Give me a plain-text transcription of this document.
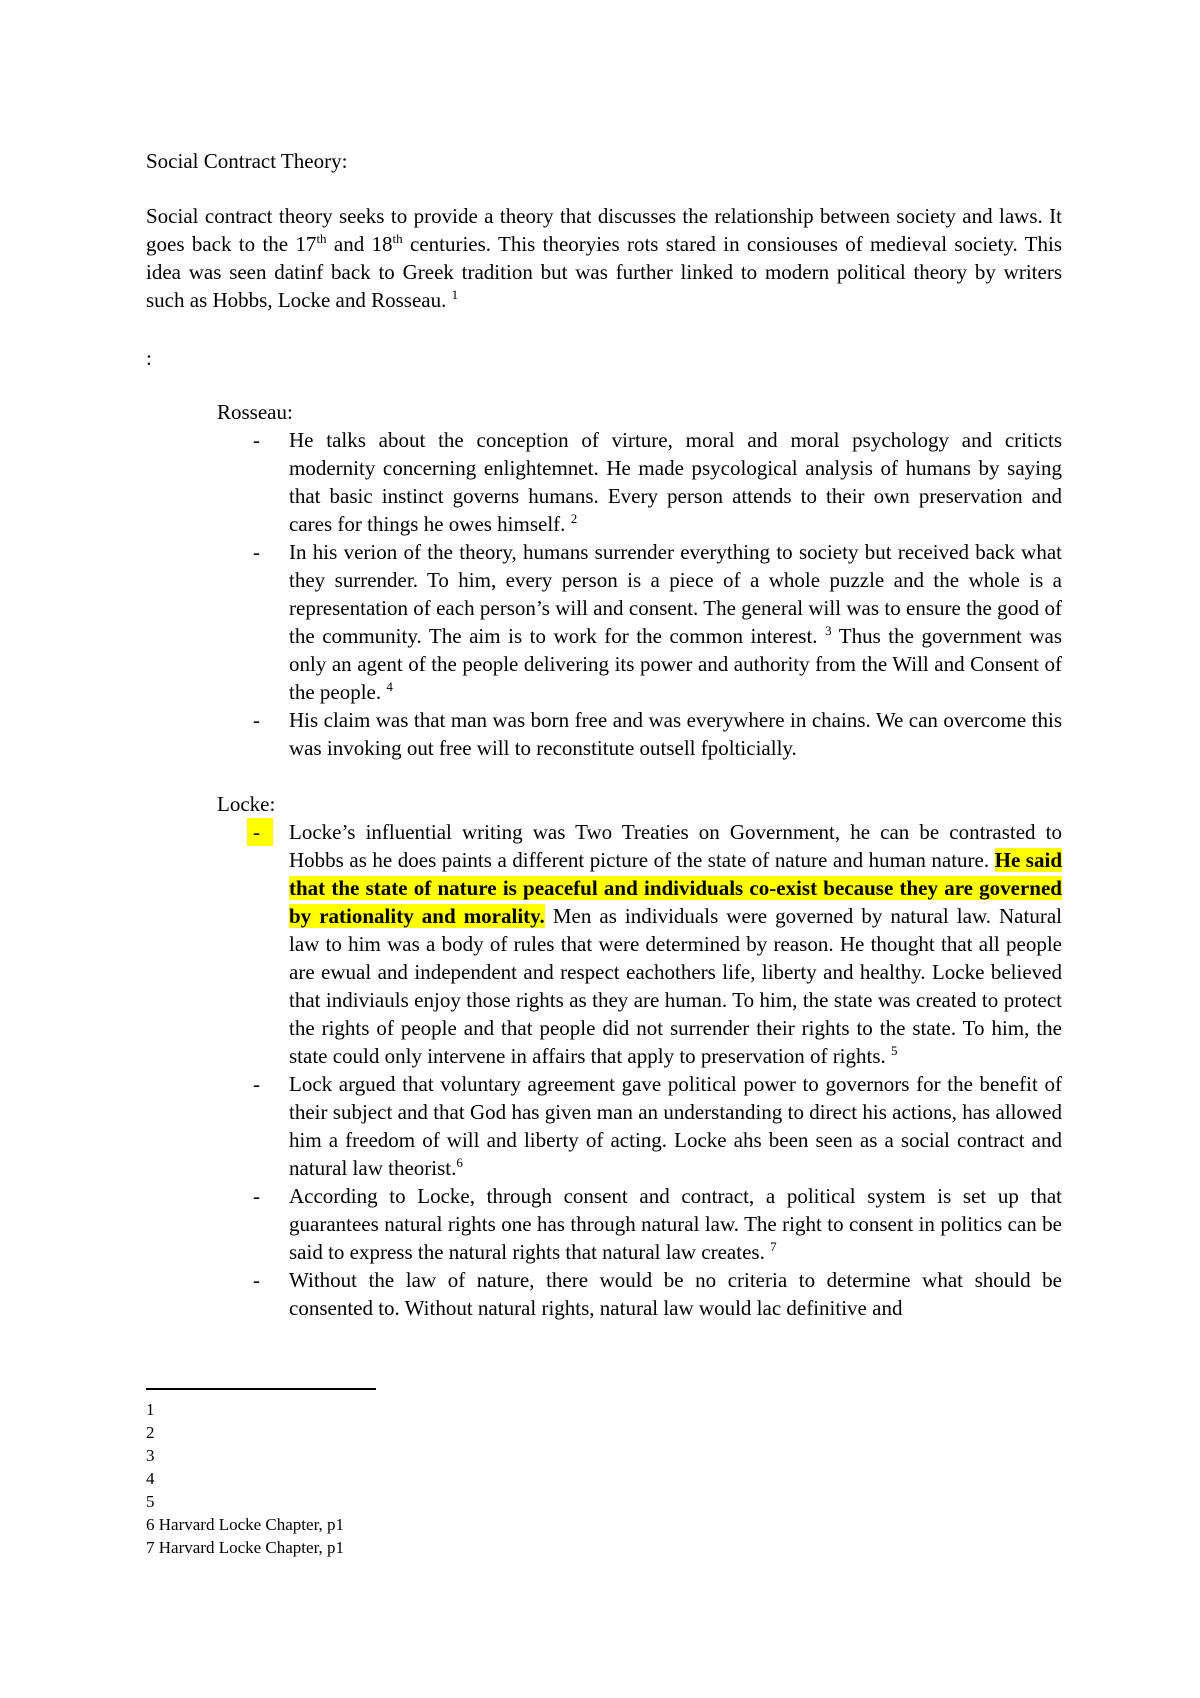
Social Contract Theory:

Social contract theory seeks to provide a theory that discusses the relationship between society and laws. It goes back to the 17th and 18th centuries. This theoryies rots stared in consiouses of medieval society. This idea was seen datinf back to Greek tradition but was further linked to modern political theory by writers such as Hobbs, Locke and Rosseau. $^1$

:

Rosseau:

-	He talks about the conception of virture, moral and moral psychology and criticts modernity concerning enlightemnet. He made psycological analysis of humans by saying that basic instinct governs humans. Every person attends to their own preservation and cares for things he owes himself. $^2$
-	In his verion of the theory, humans surrender everything to society but received back what they surrender. To him, every person is a piece of a whole puzzle and the whole is a representation of each person’s will and consent. The general will was to ensure the good of the community. The aim is to work for the common interest. $^3$ Thus the government was only an agent of the people delivering its power and authority from the Will and Consent of the people. $^4$
-	His claim was that man was born free and was everywhere in chains. We can overcome this was invoking out free will to reconstitute outsell fpolticially.

Locke:

-	Locke’s influential writing was Two Treaties on Government, he can be contrasted to Hobbs as he does paints a different picture of the state of nature and human nature. He said that the state of nature is peaceful and individuals co-exist because they are governed by rationality and morality. Men as individuals were governed by natural law. Natural law to him was a body of rules that were determined by reason. He thought that all people are ewual and independent and respect eachothers life, liberty and healthy. Locke believed that indiviauls enjoy those rights as they are human. To him, the state was created to protect the rights of people and that people did not surrender their rights to the state. To him, the state could only intervene in affairs that apply to preservation of rights. $^5$
-	Lock argued that voluntary agreement gave political power to governors for the benefit of their subject and that God has given man an understanding to direct his actions, has allowed him a freedom of will and liberty of acting. Locke ahs been seen as a social contract and natural law theorist.$^6$
-	According to Locke, through consent and contract, a political system is set up that guarantees natural rights one has through natural law. The right to consent in politics can be said to express the natural rights that natural law creates. $^7$
-	Without the law of nature, there would be no criteria to determine what should be consented to. Without natural rights, natural law would lac definitive and
1
2
3
4
5
6 Harvard Locke Chapter, p1
7 Harvard Locke Chapter, p1
